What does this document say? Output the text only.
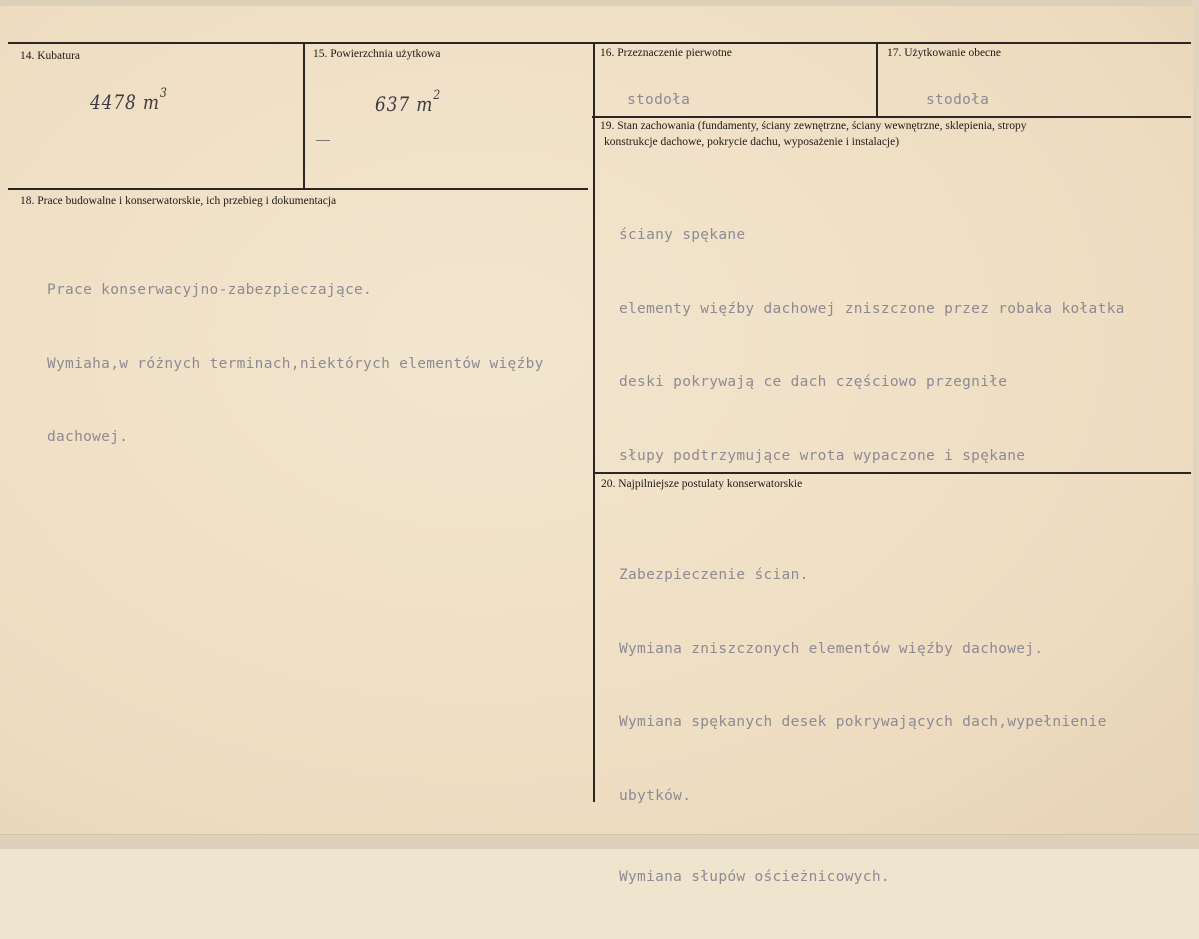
14. Kubatura
4478 $m^3$
15. Powierzchnia użytkowa
637 $m^2$
16. Przeznaczenie pierwotne
stodoła
17. Użytkowanie obecne
stodoła
18. Prace budowalne i konserwatorskie, ich przebieg i dokumentacja

Prace konserwacyjno-zabezpieczające.

Wymiaha,w różnych terminach,niektórych elementów więźby

dachowej.

19. Stan zachowania (fundamenty, ściany zewnętrzne, ściany wewnętrzne, sklepienia, stropy
konstrukcje dachowe, pokrycie dachu, wyposażenie i instalacje)

ściany spękane

elementy więźby dachowej zniszczone przez robaka kołatka

deski pokrywają ce dach częściowo przegniłe

słupy podtrzymujące wrota wypaczone i spękane

20. Najpilniejsze postulaty konserwatorskie

Zabezpieczenie ścian.

Wymiana zniszczonych elementów więźby dachowej.

Wymiana spękanych desek pokrywających dach,wypełnienie

ubytków.

Wymiana słupów ościeżnicowych.
